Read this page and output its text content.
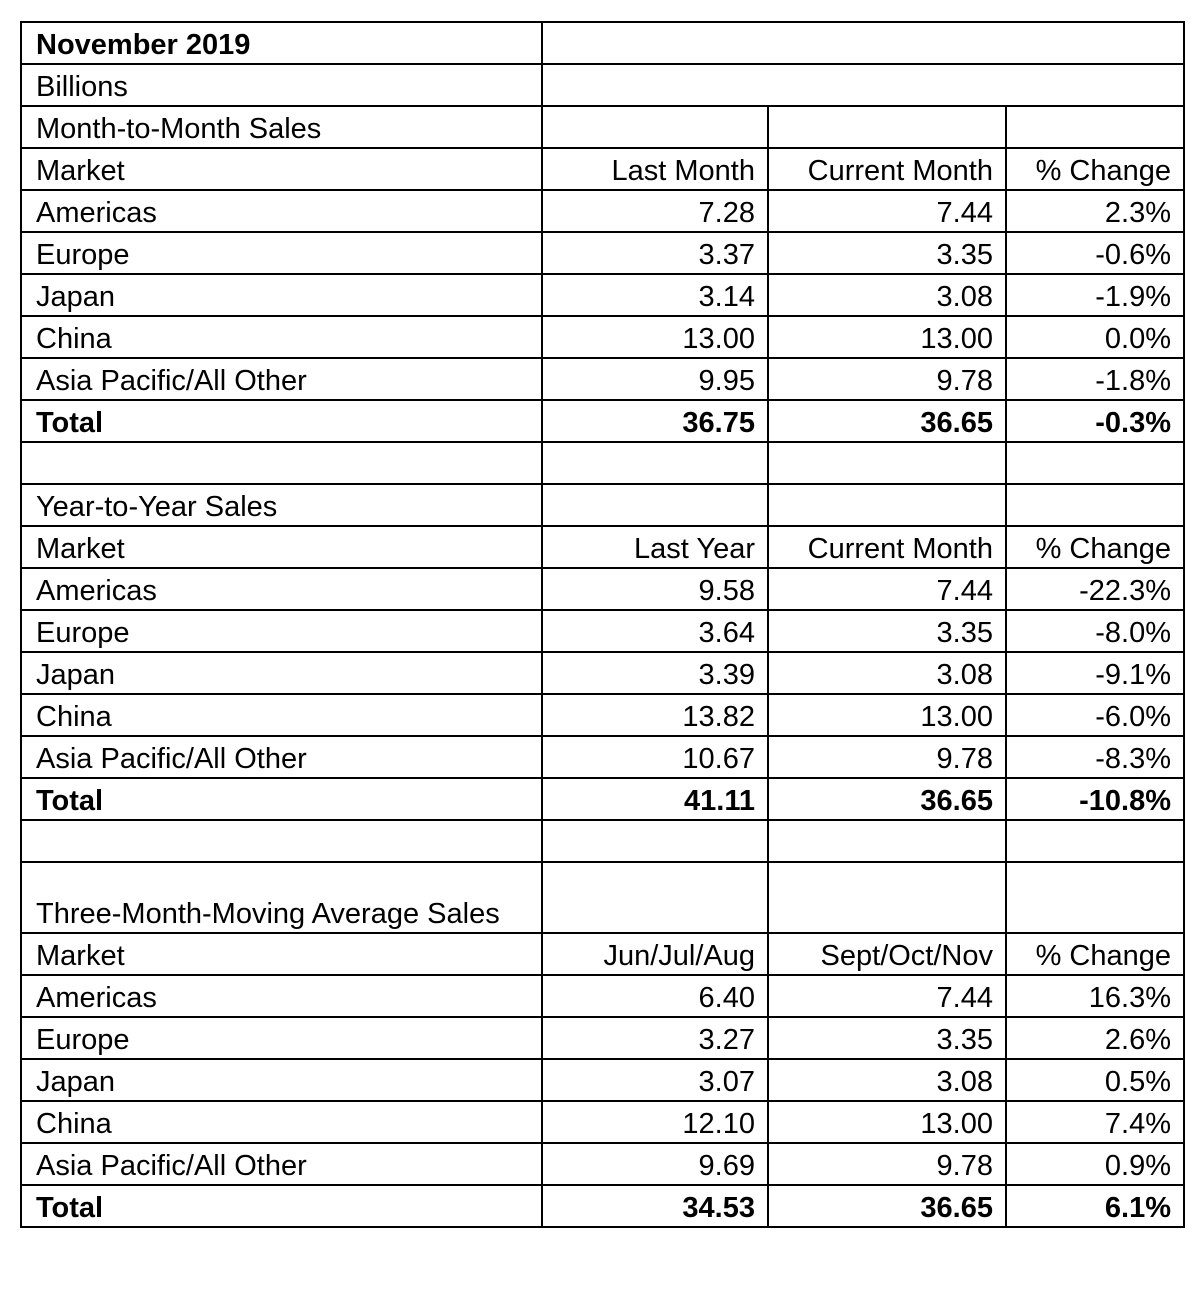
November 2019			
Billions			
Month-to-Month Sales			
Market	Last Month	Current Month	% Change
Americas	7.28	7.44	2.3%
Europe	3.37	3.35	-0.6%
Japan	3.14	3.08	-1.9%
China	13.00	13.00	0.0%
Asia Pacific/All Other	9.95	9.78	-1.8%
Total	36.75	36.65	-0.3%

Year-to-Year Sales			
Market	Last Year	Current Month	% Change
Americas	9.58	7.44	-22.3%
Europe	3.64	3.35	-8.0%
Japan	3.39	3.08	-9.1%
China	13.82	13.00	-6.0%
Asia Pacific/All Other	10.67	9.78	-8.3%
Total	41.11	36.65	-10.8%

Three-Month-Moving Average Sales			
Market	Jun/Jul/Aug	Sept/Oct/Nov	% Change
Americas	6.40	7.44	16.3%
Europe	3.27	3.35	2.6%
Japan	3.07	3.08	0.5%
China	12.10	13.00	7.4%
Asia Pacific/All Other	9.69	9.78	0.9%
Total	34.53	36.65	6.1%
